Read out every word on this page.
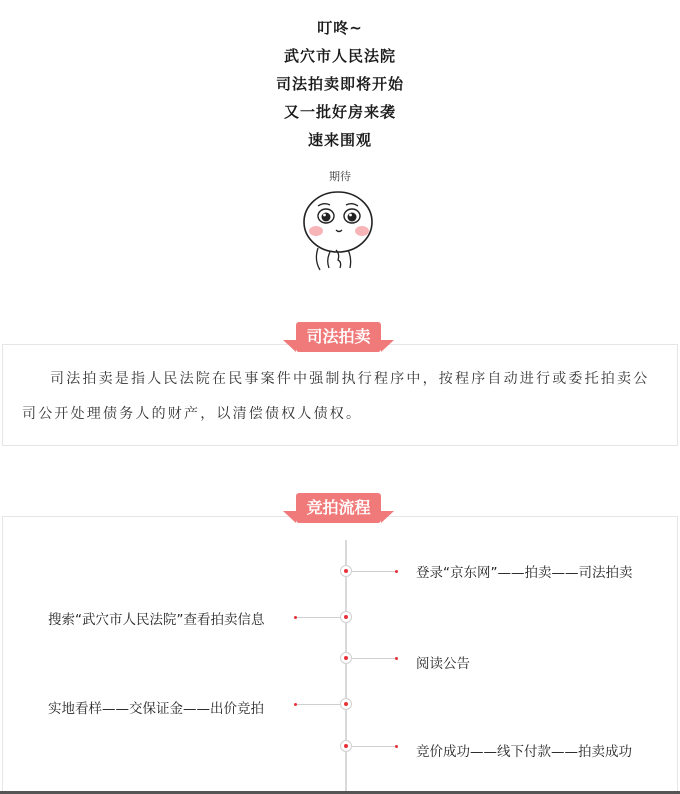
叮咚~
武穴市人民法院
司法拍卖即将开始
又一批好房来袭
速来围观
期待
司法拍卖
司法拍卖是指人民法院在民事案件中强制执行程序中，按程序自动进行或委托拍卖公司公开处理债务人的财产，以清偿债权人债权。
竞拍流程
登录“京东网”——拍卖——司法拍卖
搜索“武穴市人民法院”查看拍卖信息
阅读公告
实地看样——交保证金——出价竞拍
竞价成功——线下付款——拍卖成功
